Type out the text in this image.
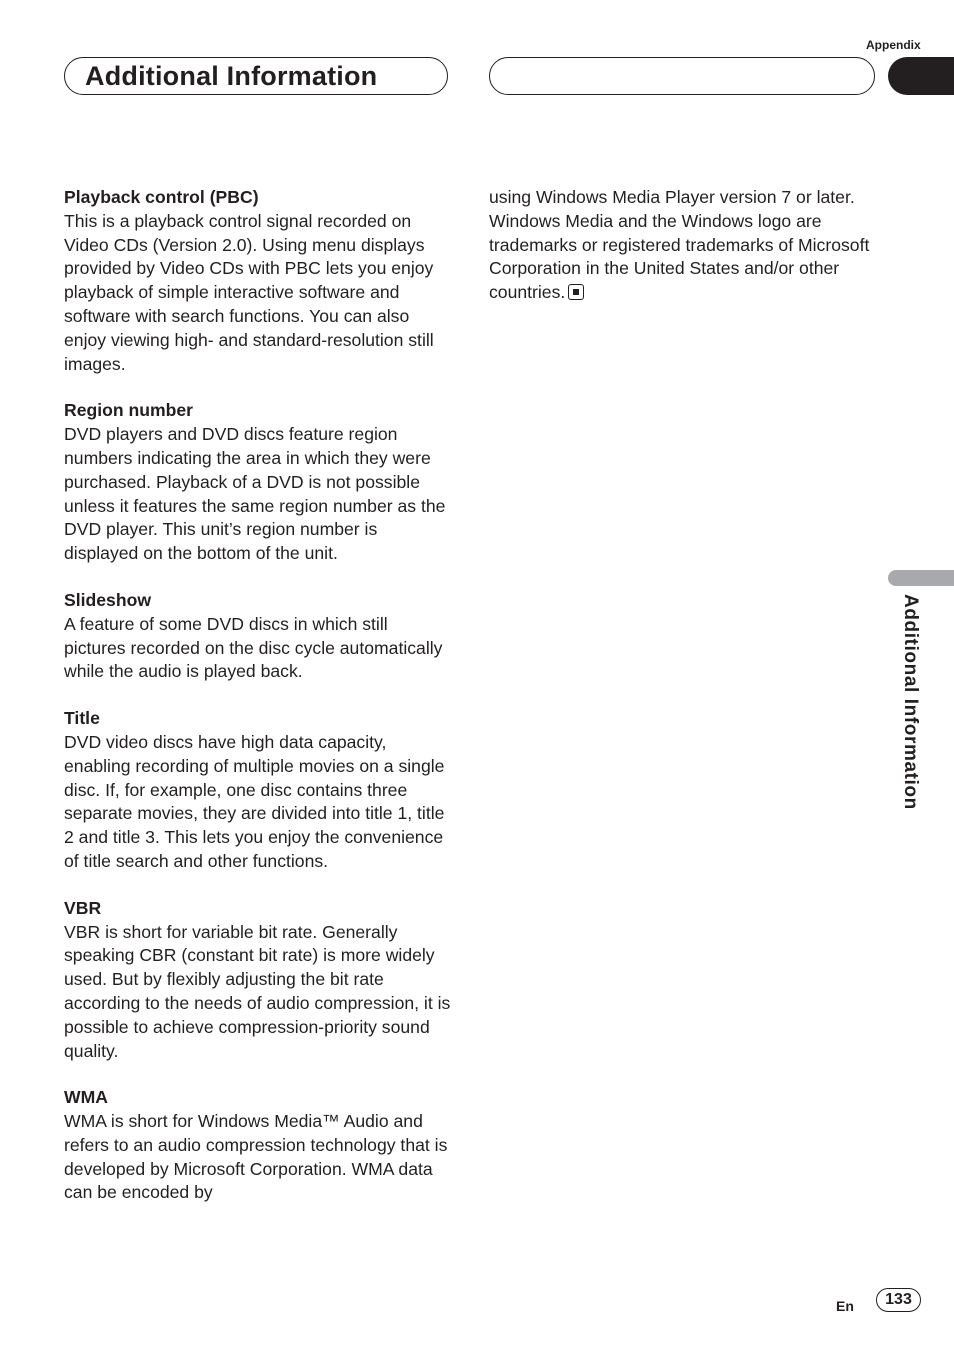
Appendix
Additional Information

Playback control (PBC)

This is a playback control signal recorded on Video CDs (Version 2.0). Using menu displays provided by Video CDs with PBC lets you enjoy playback of simple interactive software and software with search functions. You can also enjoy viewing high- and standard-resolution still images.

Region number

DVD players and DVD discs feature region numbers indicating the area in which they were purchased. Playback of a DVD is not possible unless it features the same region number as the DVD player. This unit’s region number is displayed on the bottom of the unit.

Slideshow

A feature of some DVD discs in which still pictures recorded on the disc cycle automatically while the audio is played back.

Title

DVD video discs have high data capacity, enabling recording of multiple movies on a single disc. If, for example, one disc contains three separate movies, they are divided into title 1, title 2 and title 3. This lets you enjoy the convenience of title search and other functions.

VBR

VBR is short for variable bit rate. Generally speaking CBR (constant bit rate) is more widely used. But by flexibly adjusting the bit rate according to the needs of audio compression, it is possible to achieve compression-priority sound quality.

WMA

WMA is short for Windows Media™ Audio and refers to an audio compression technology that is developed by Microsoft Corporation. WMA data can be encoded by

using Windows Media Player version 7 or later.

Windows Media and the Windows logo are trademarks or registered trademarks of Microsoft Corporation in the United States and/or other countries.

Additional Information
En	133
